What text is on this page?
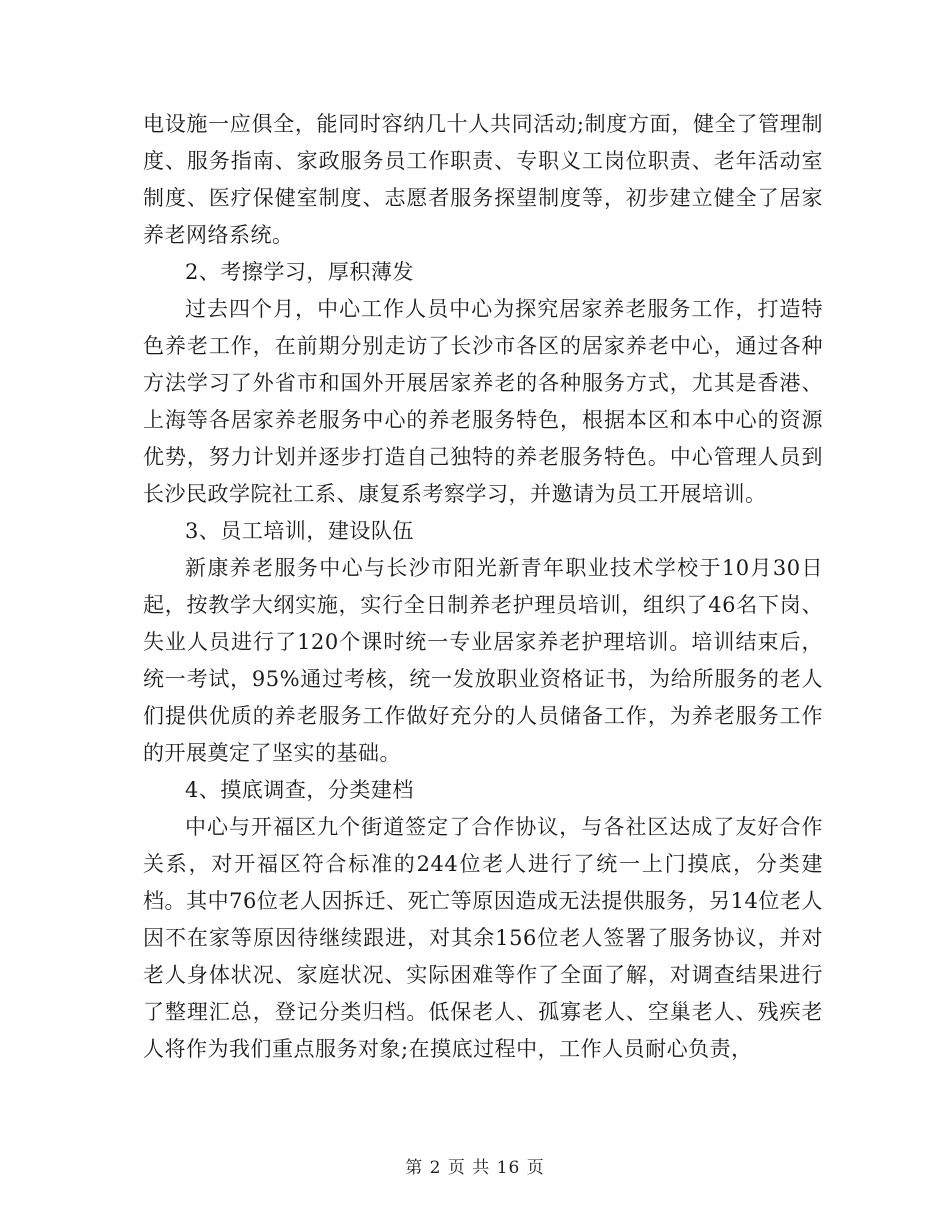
电设施一应俱全，能同时容纳几十人共同活动;制度方面，健全了管理制度、服务指南、家政服务员工作职责、专职义工岗位职责、老年活动室制度、医疗保健室制度、志愿者服务探望制度等，初步建立健全了居家养老网络系统。

2、考擦学习，厚积薄发

过去四个月，中心工作人员中心为探究居家养老服务工作，打造特色养老工作，在前期分别走访了长沙市各区的居家养老中心，通过各种方法学习了外省市和国外开展居家养老的各种服务方式，尤其是香港、上海等各居家养老服务中心的养老服务特色，根据本区和本中心的资源优势，努力计划并逐步打造自己独特的养老服务特色。中心管理人员到长沙民政学院社工系、康复系考察学习，并邀请为员工开展培训。

3、员工培训，建设队伍

新康养老服务中心与长沙市阳光新青年职业技术学校于10月30日起，按教学大纲实施，实行全日制养老护理员培训，组织了46名下岗、失业人员进行了120个课时统一专业居家养老护理培训。培训结束后，统一考试，95%通过考核，统一发放职业资格证书，为给所服务的老人们提供优质的养老服务工作做好充分的人员储备工作，为养老服务工作的开展奠定了坚实的基础。

4、摸底调查，分类建档

中心与开福区九个街道签定了合作协议，与各社区达成了友好合作关系，对开福区符合标准的244位老人进行了统一上门摸底，分类建档。其中76位老人因拆迁、死亡等原因造成无法提供服务，另14位老人因不在家等原因待继续跟进，对其余156位老人签署了服务协议，并对老人身体状况、家庭状况、实际困难等作了全面了解，对调查结果进行了整理汇总，登记分类归档。低保老人、孤寡老人、空巢老人、残疾老人将作为我们重点服务对象;在摸底过程中，工作人员耐心负责，

第 2 页 共 16 页
